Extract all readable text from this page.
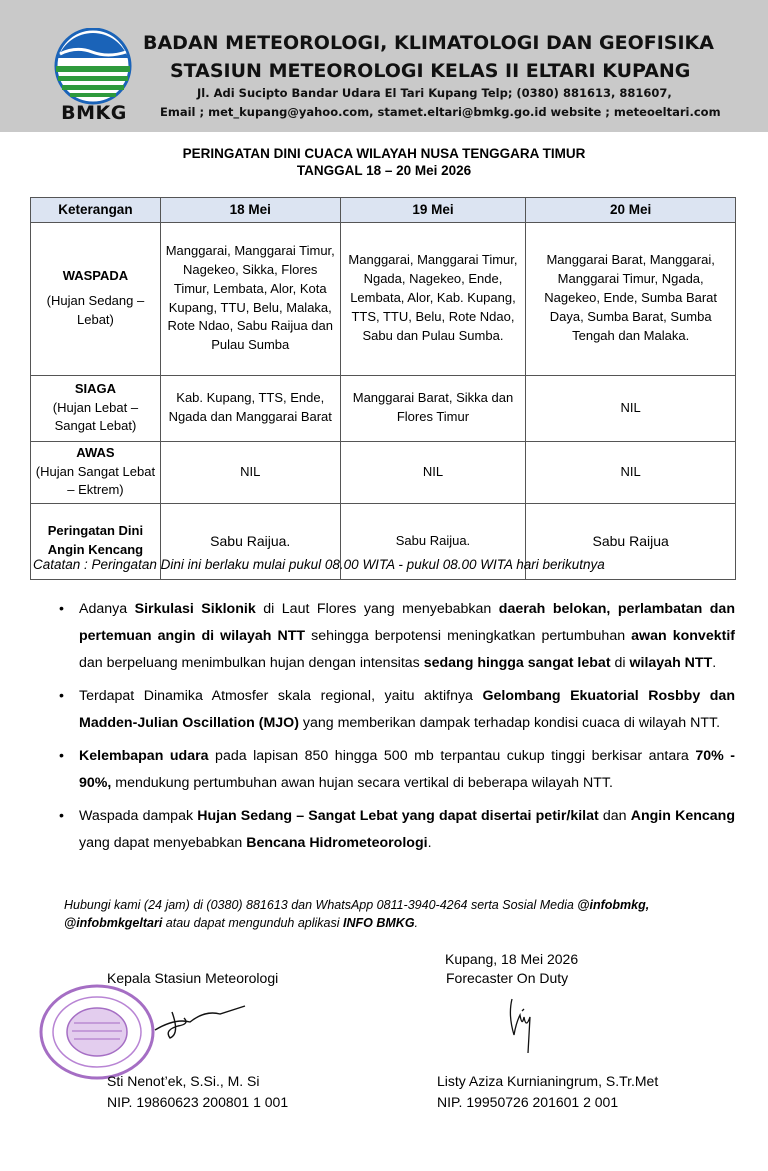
BMKG
BADAN METEOROLOGI, KLIMATOLOGI DAN GEOFISIKA
STASIUN METEOROLOGI KELAS II ELTARI KUPANG
Jl. Adi Sucipto Bandar Udara El Tari Kupang Telp; (0380) 881613, 881607,
Email ; met_kupang@yahoo.com, stamet.eltari@bmkg.go.id website ; meteoeltari.com
PERINGATAN DINI CUACA WILAYAH NUSA TENGGARA TIMUR
TANGGAL 18 – 20 Mei 2026
Keterangan	18 Mei	19 Mei	20 Mei

WASPADA
(Hujan Sedang – Lebat)	Manggarai, Manggarai Timur, Nagekeo, Sikka, Flores Timur, Lembata, Alor, Kota Kupang, TTU, Belu, Malaka, Rote Ndao, Sabu Raijua dan Pulau Sumba	Manggarai, Manggarai Timur, Ngada, Nagekeo, Ende, Lembata, Alor, Kab. Kupang, TTS, TTU, Belu, Rote Ndao, Sabu dan Pulau Sumba.	Manggarai Barat, Manggarai, Manggarai Timur, Ngada, Nagekeo, Ende, Sumba Barat Daya, Sumba Barat, Sumba Tengah dan Malaka.

SIAGA
(Hujan Lebat – Sangat Lebat)	Kab. Kupang, TTS, Ende, Ngada dan Manggarai Barat	Manggarai Barat, Sikka dan Flores Timur	NIL

AWAS
(Hujan Sangat Lebat – Ektrem)	NIL	NIL	NIL

Peringatan Dini Angin Kencang	Sabu Raijua.	Sabu Raijua.	Sabu Raijua
Catatan : Peringatan Dini ini berlaku mulai pukul 08.00 WITA - pukul 08.00 WITA hari berikutnya
• Adanya Sirkulasi Siklonik di Laut Flores yang menyebabkan daerah belokan, perlambatan dan pertemuan angin di wilayah NTT sehingga berpotensi meningkatkan pertumbuhan awan konvektif dan berpeluang menimbulkan hujan dengan intensitas sedang hingga sangat lebat di wilayah NTT.
• Terdapat Dinamika Atmosfer skala regional, yaitu aktifnya Gelombang Ekuatorial Rosbby dan Madden-Julian Oscillation (MJO) yang memberikan dampak terhadap kondisi cuaca di wilayah NTT.
• Kelembapan udara pada lapisan 850 hingga 500 mb terpantau cukup tinggi berkisar antara 70% - 90%, mendukung pertumbuhan awan hujan secara vertikal di beberapa wilayah NTT.
• Waspada dampak Hujan Sedang – Sangat Lebat yang dapat disertai petir/kilat dan Angin Kencang yang dapat menyebabkan Bencana Hidrometeorologi.
Hubungi kami (24 jam) di (0380) 881613 dan WhatsApp 0811-3940-4264 serta Sosial Media @infobmkg, @infobmkgeltari atau dapat mengunduh aplikasi INFO BMKG.
Kupang, 18 Mei 2026
Kepala Stasiun Meteorologi	Forecaster On Duty
Sti Nenot’ek, S.Si., M. Si
NIP. 19860623 200801 1 001
Listy Aziza Kurnianingrum, S.Tr.Met
NIP. 19950726 201601 2 001
